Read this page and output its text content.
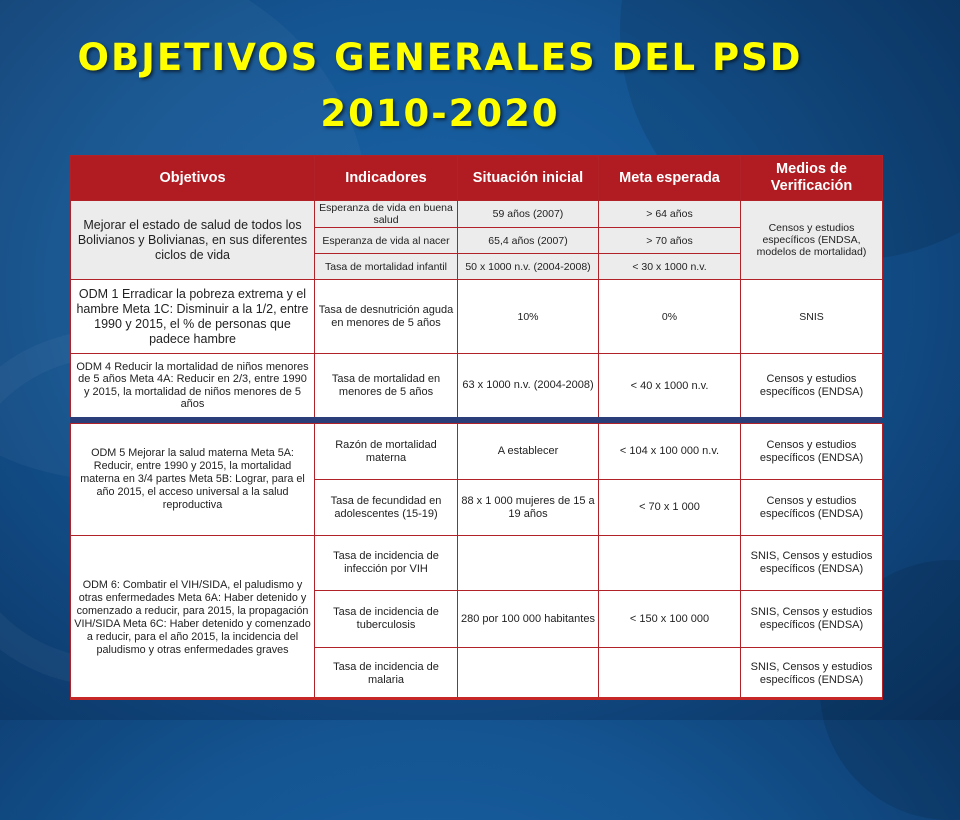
OBJETIVOS GENERALES DEL PSD
2010-2020
Objetivos	Indicadores	Situación inicial	Meta esperada	Medios de Verificación
Mejorar el estado de salud de todos los Bolivianos y Bolivianas, en sus diferentes ciclos de vida	Esperanza de vida en buena salud	59 años (2007)	> 64 años	Censos y estudios específicos (ENDSA, modelos de mortalidad)
	Esperanza de vida al nacer	65,4 años (2007)	> 70 años	
	Tasa de mortalidad infantil	50 x 1000 n.v. (2004-2008)	< 30 x 1000 n.v.	
ODM 1 Erradicar la pobreza extrema y el hambre Meta 1C: Disminuir a la 1/2, entre 1990 y 2015, el % de personas que padece hambre	Tasa de desnutrición aguda en menores de 5 años	10%	0%	SNIS
ODM 4 Reducir la mortalidad de niños menores de 5 años Meta 4A: Reducir en 2/3, entre 1990 y 2015, la mortalidad de niños menores de 5 años	Tasa de mortalidad en menores de 5 años	63 x 1000 n.v. (2004-2008)	< 40 x 1000 n.v.	Censos y estudios específicos (ENDSA)
ODM 5 Mejorar la salud materna Meta 5A: Reducir, entre 1990 y 2015, la mortalidad materna en 3/4 partes Meta 5B: Lograr, para el año 2015, el acceso universal a la salud reproductiva	Razón de mortalidad materna	A establecer	< 104 x 100 000 n.v.	Censos y estudios específicos (ENDSA)
	Tasa de fecundidad en adolescentes (15-19)	88 x 1 000 mujeres de 15 a 19 años	< 70 x 1 000	Censos y estudios específicos (ENDSA)
ODM 6: Combatir el VIH/SIDA, el paludismo y otras enfermedades Meta 6A: Haber detenido y comenzado a reducir, para 2015, la propagación VIH/SIDA Meta 6C: Haber detenido y comenzado a reducir, para el año 2015, la incidencia del paludismo y otras enfermedades graves	Tasa de incidencia de infección por VIH			SNIS, Censos y estudios específicos (ENDSA)
	Tasa de incidencia de tuberculosis	280 por 100 000 habitantes	< 150 x 100 000	SNIS, Censos y estudios específicos (ENDSA)
	Tasa de incidencia de malaria			SNIS, Censos y estudios específicos (ENDSA)
